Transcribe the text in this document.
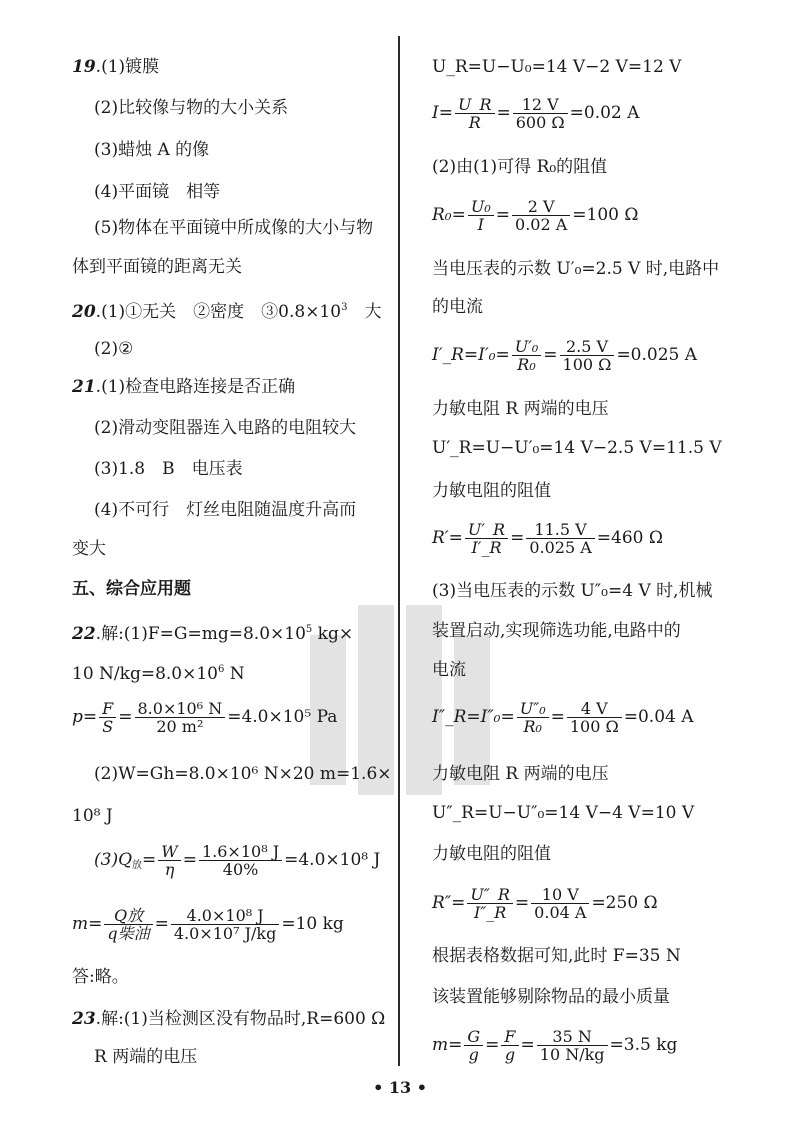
19.(1)镀膜
(2)比较像与物的大小关系
(3)蜡烛 A 的像
(4)平面镜　相等
(5)物体在平面镜中所成像的大小与物
体到平面镜的距离无关
20.(1)①无关　②密度　$③0.8\times 10^3$　大
(2)②
21.(1)检查电路连接是否正确
(2)滑动变阻器连入电路的电阻较大
(3)1.8　B　电压表
(4)不可行　灯丝电阻随温度升高而
变大
五、综合应用题
22.解$:(1)F=G=mg=8.0\times 10^5$ kg×
10 $N/kg=8.0\times 10^6$ N
$p= \frac{F}{S} = \frac{\text{8.0×10⁶ N}}{\text{20 m²}} =4.0\times 10^5$ Pa
(2)W=Gh=8.0×10⁶ N×20 m=1.6×
10⁸ J
$(3)Q_放= \frac{W}{\eta} = \frac{\text{1.6×10⁸ J}}{40\%} =4.0\times 10^8$ J
$m= \frac{\text{Q放}}{\text{q柴油}} = \frac{\text{4.0×10⁸ J}}{\text{4.0×10⁷ J/kg}} =10$ kg
答:略。
23.解:(1)当检测区没有物品时,R=600 Ω
R 两端的电压
U_R=U−U₀=14 V−2 V=12 V
$I= \frac{U\_R}{R} = \frac{12 V}{600 \Omega} =0.02$ A
(2)由(1)可得 R₀的阻值
$R_0= \frac{\text{U₀}}{I} = \frac{2 V}{0.02 A} =100$ Ω
当电压表的示数 U′₀=2.5 V 时,电路中
的电流
I′_R=I′₀= $\frac{\text{U′₀}}{\text{R₀}} = \frac{2.5 V}{100 \Omega} =0.025$ A
力敏电阻 R 两端的电压
U′_R=U−U′₀=14 V−2.5 V=11.5 V
力敏电阻的阻值
$R'= \frac{U'\_R}{I'\_R} = \frac{11.5 V}{0.025 A} =460$ Ω
(3)当电压表的示数 U″₀=4 V 时,机械
装置启动,实现筛选功能,电路中的
电流
I″_R=I″₀= $\frac{\text{U″₀}}{\text{R₀}} = \frac{4 V}{100 \Omega} =0.04$ A
力敏电阻 R 两端的电压
U″_R=U−U″₀=14 V−4 V=10 V
力敏电阻的阻值
$R''= \frac{U''\_R}{I''\_R} = \frac{10 V}{0.04 A} =250$ Ω
根据表格数据可知,此时 F=35 N
该装置能够剔除物品的最小质量
$m= \frac{G}{g} = \frac{F}{g} = \frac{35 N}{10 N/kg} =3.5$ kg
• 13 •
